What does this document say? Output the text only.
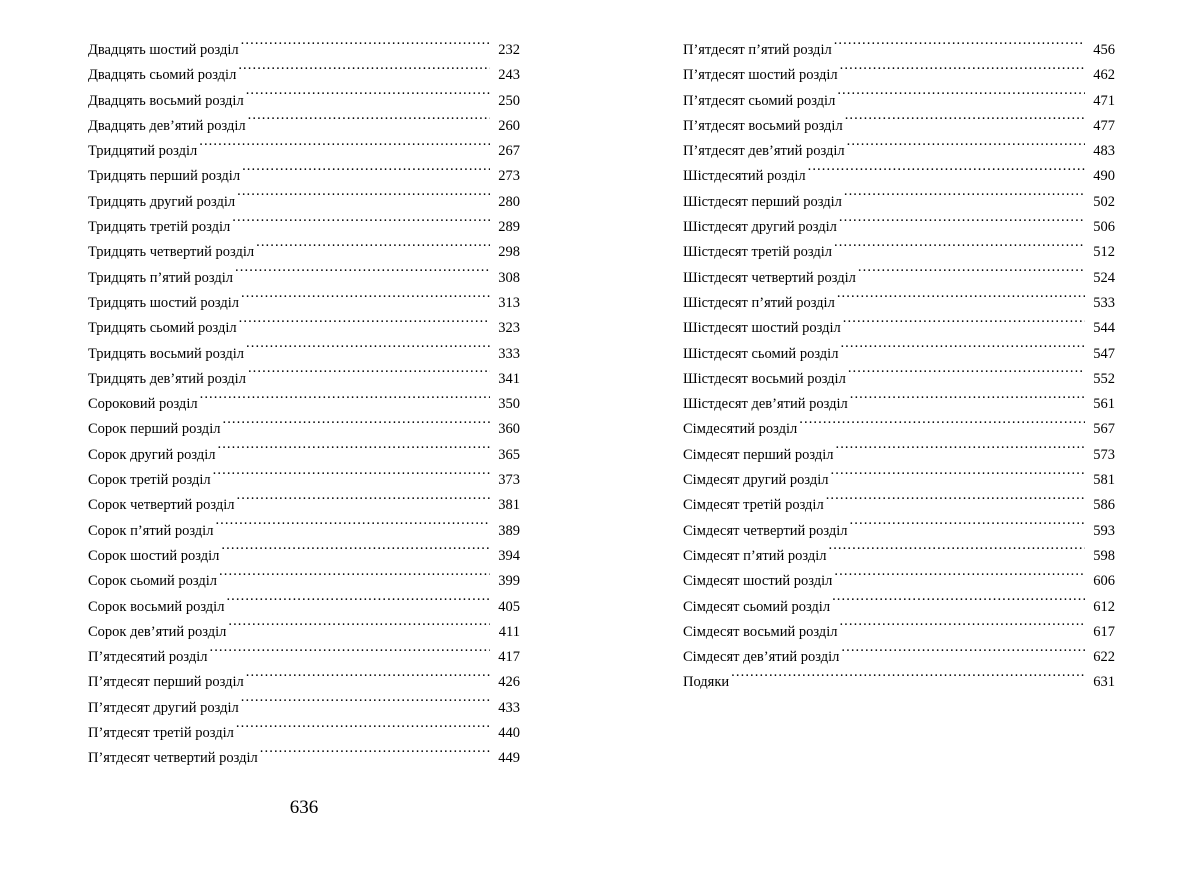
Двадцять шостий розділ .....	232
Двадцять сьомий розділ .....	243
Двадцять восьмий розділ .....	250
Двадцять дев’ятий розділ .....	260
Тридцятий розділ .....	267
Тридцять перший розділ .....	273
Тридцять другий розділ .....	280
Тридцять третій розділ .....	289
Тридцять четвертий розділ .....	298
Тридцять п’ятий розділ .....	308
Тридцять шостий розділ .....	313
Тридцять сьомий розділ .....	323
Тридцять восьмий розділ .....	333
Тридцять дев’ятий розділ .....	341
Сороковий розділ .....	350
Сорок перший розділ .....	360
Сорок другий розділ .....	365
Сорок третій розділ .....	373
Сорок четвертий розділ .....	381
Сорок п’ятий розділ .....	389
Сорок шостий розділ .....	394
Сорок сьомий розділ .....	399
Сорок восьмий розділ .....	405
Сорок дев’ятий розділ .....	411
П’ятдесятий розділ .....	417
П’ятдесят перший розділ .....	426
П’ятдесят другий розділ .....	433
П’ятдесят третій розділ .....	440
П’ятдесят четвертий розділ .....	449
П’ятдесят п’ятий розділ .....	456
П’ятдесят шостий розділ .....	462
П’ятдесят сьомий розділ .....	471
П’ятдесят восьмий розділ .....	477
П’ятдесят дев’ятий розділ .....	483
Шістдесятий розділ .....	490
Шістдесят перший розділ .....	502
Шістдесят другий розділ .....	506
Шістдесят третій розділ .....	512
Шістдесят четвертий розділ .....	524
Шістдесят п’ятий розділ .....	533
Шістдесят шостий розділ .....	544
Шістдесят сьомий розділ .....	547
Шістдесят восьмий розділ .....	552
Шістдесят дев’ятий розділ .....	561
Сімдесятий розділ .....	567
Сімдесят перший розділ .....	573
Сімдесят другий розділ .....	581
Сімдесят третій розділ .....	586
Сімдесят четвертий розділ .....	593
Сімдесят п’ятий розділ .....	598
Сімдесят шостий розділ .....	606
Сімдесят сьомий розділ .....	612
Сімдесят восьмий розділ .....	617
Сімдесят дев’ятий розділ .....	622
Подяки .....	631
636
